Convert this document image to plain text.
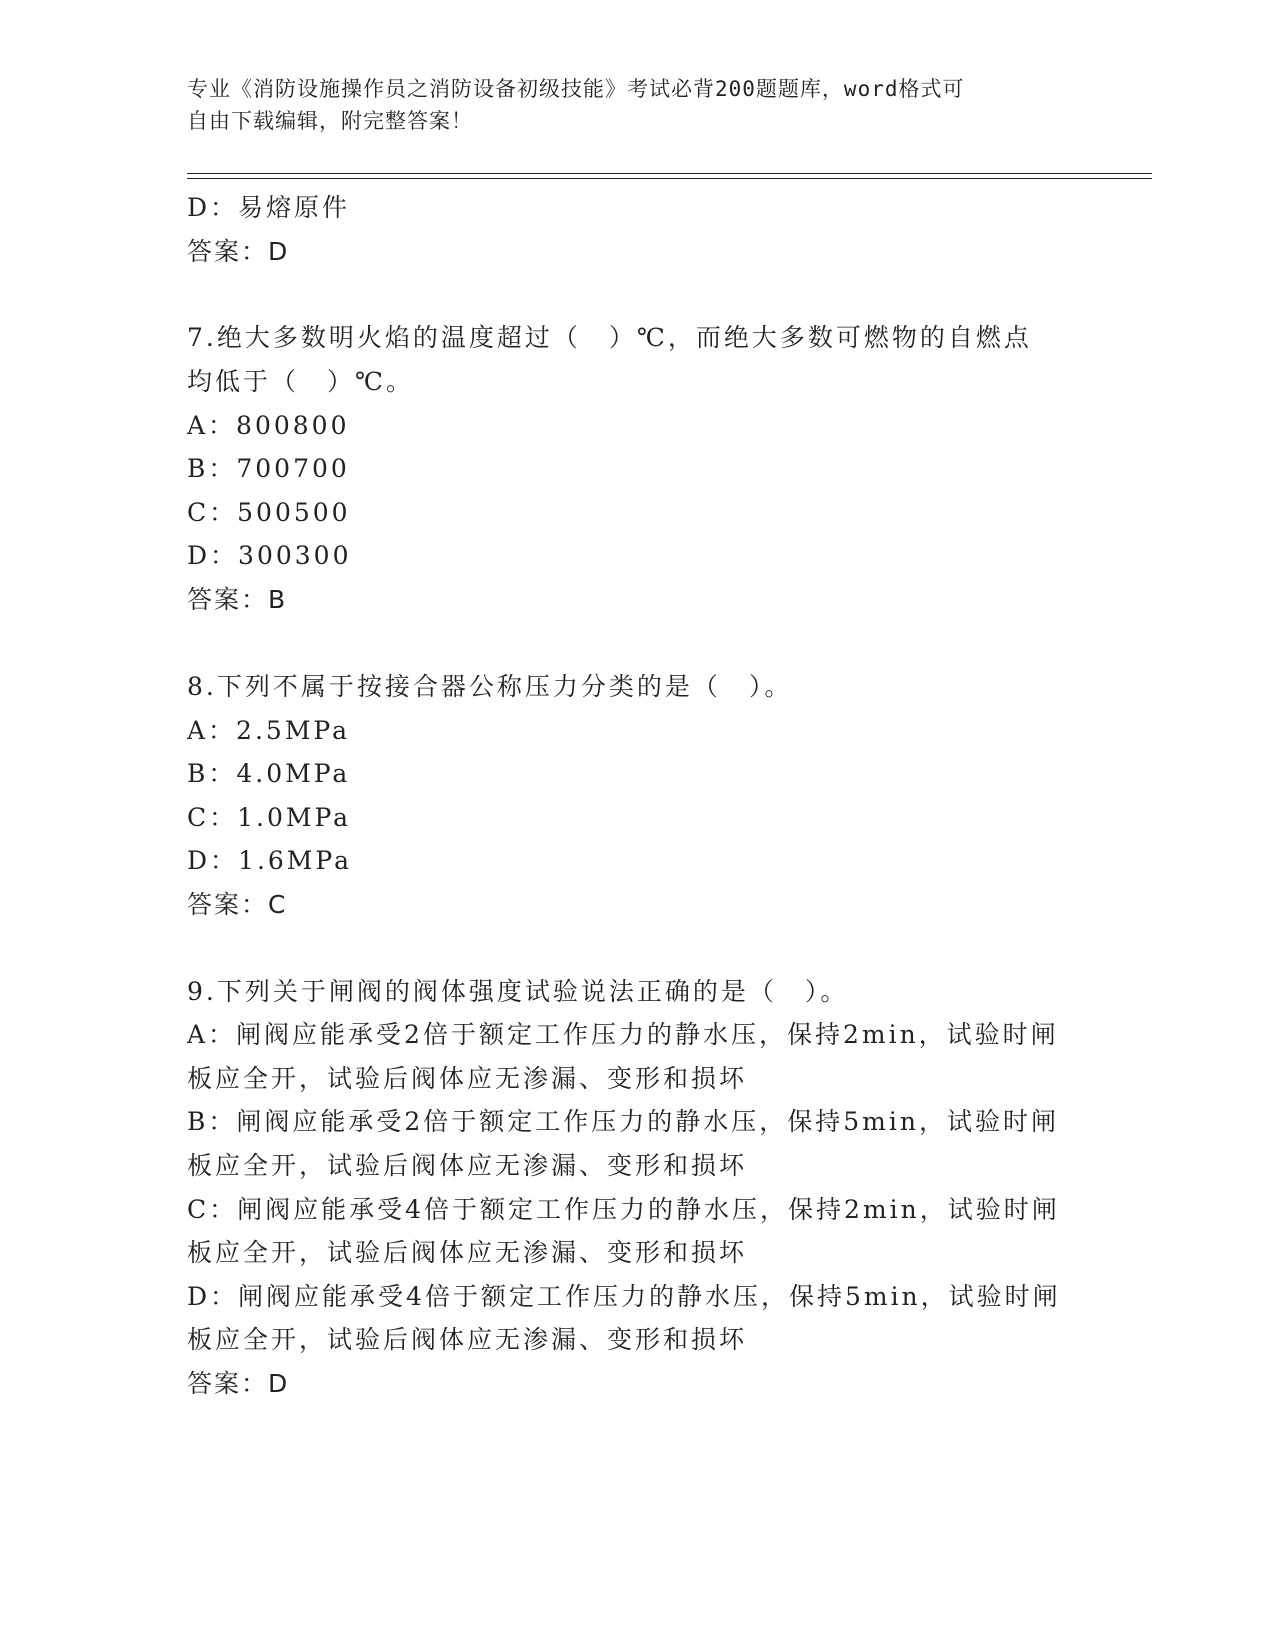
专业《消防设施操作员之消防设备初级技能》考试必背200题题库，word格式可
自由下载编辑，附完整答案！
D：易熔原件
答案：D
7.绝大多数明火焰的温度超过（　）℃，而绝大多数可燃物的自燃点
均低于（　）℃。
A：800800
B：700700
C：500500
D：300300
答案：B
8.下列不属于按接合器公称压力分类的是（　）。
A：2.5MPa
B：4.0MPa
C：1.0MPa
D：1.6MPa
答案：C
9.下列关于闸阀的阀体强度试验说法正确的是（　）。
A：闸阀应能承受2倍于额定工作压力的静水压，保持2min，试验时闸
板应全开，试验后阀体应无渗漏、变形和损坏
B：闸阀应能承受2倍于额定工作压力的静水压，保持5min，试验时闸
板应全开，试验后阀体应无渗漏、变形和损坏
C：闸阀应能承受4倍于额定工作压力的静水压，保持2min，试验时闸
板应全开，试验后阀体应无渗漏、变形和损坏
D：闸阀应能承受4倍于额定工作压力的静水压，保持5min，试验时闸
板应全开，试验后阀体应无渗漏、变形和损坏
答案：D
